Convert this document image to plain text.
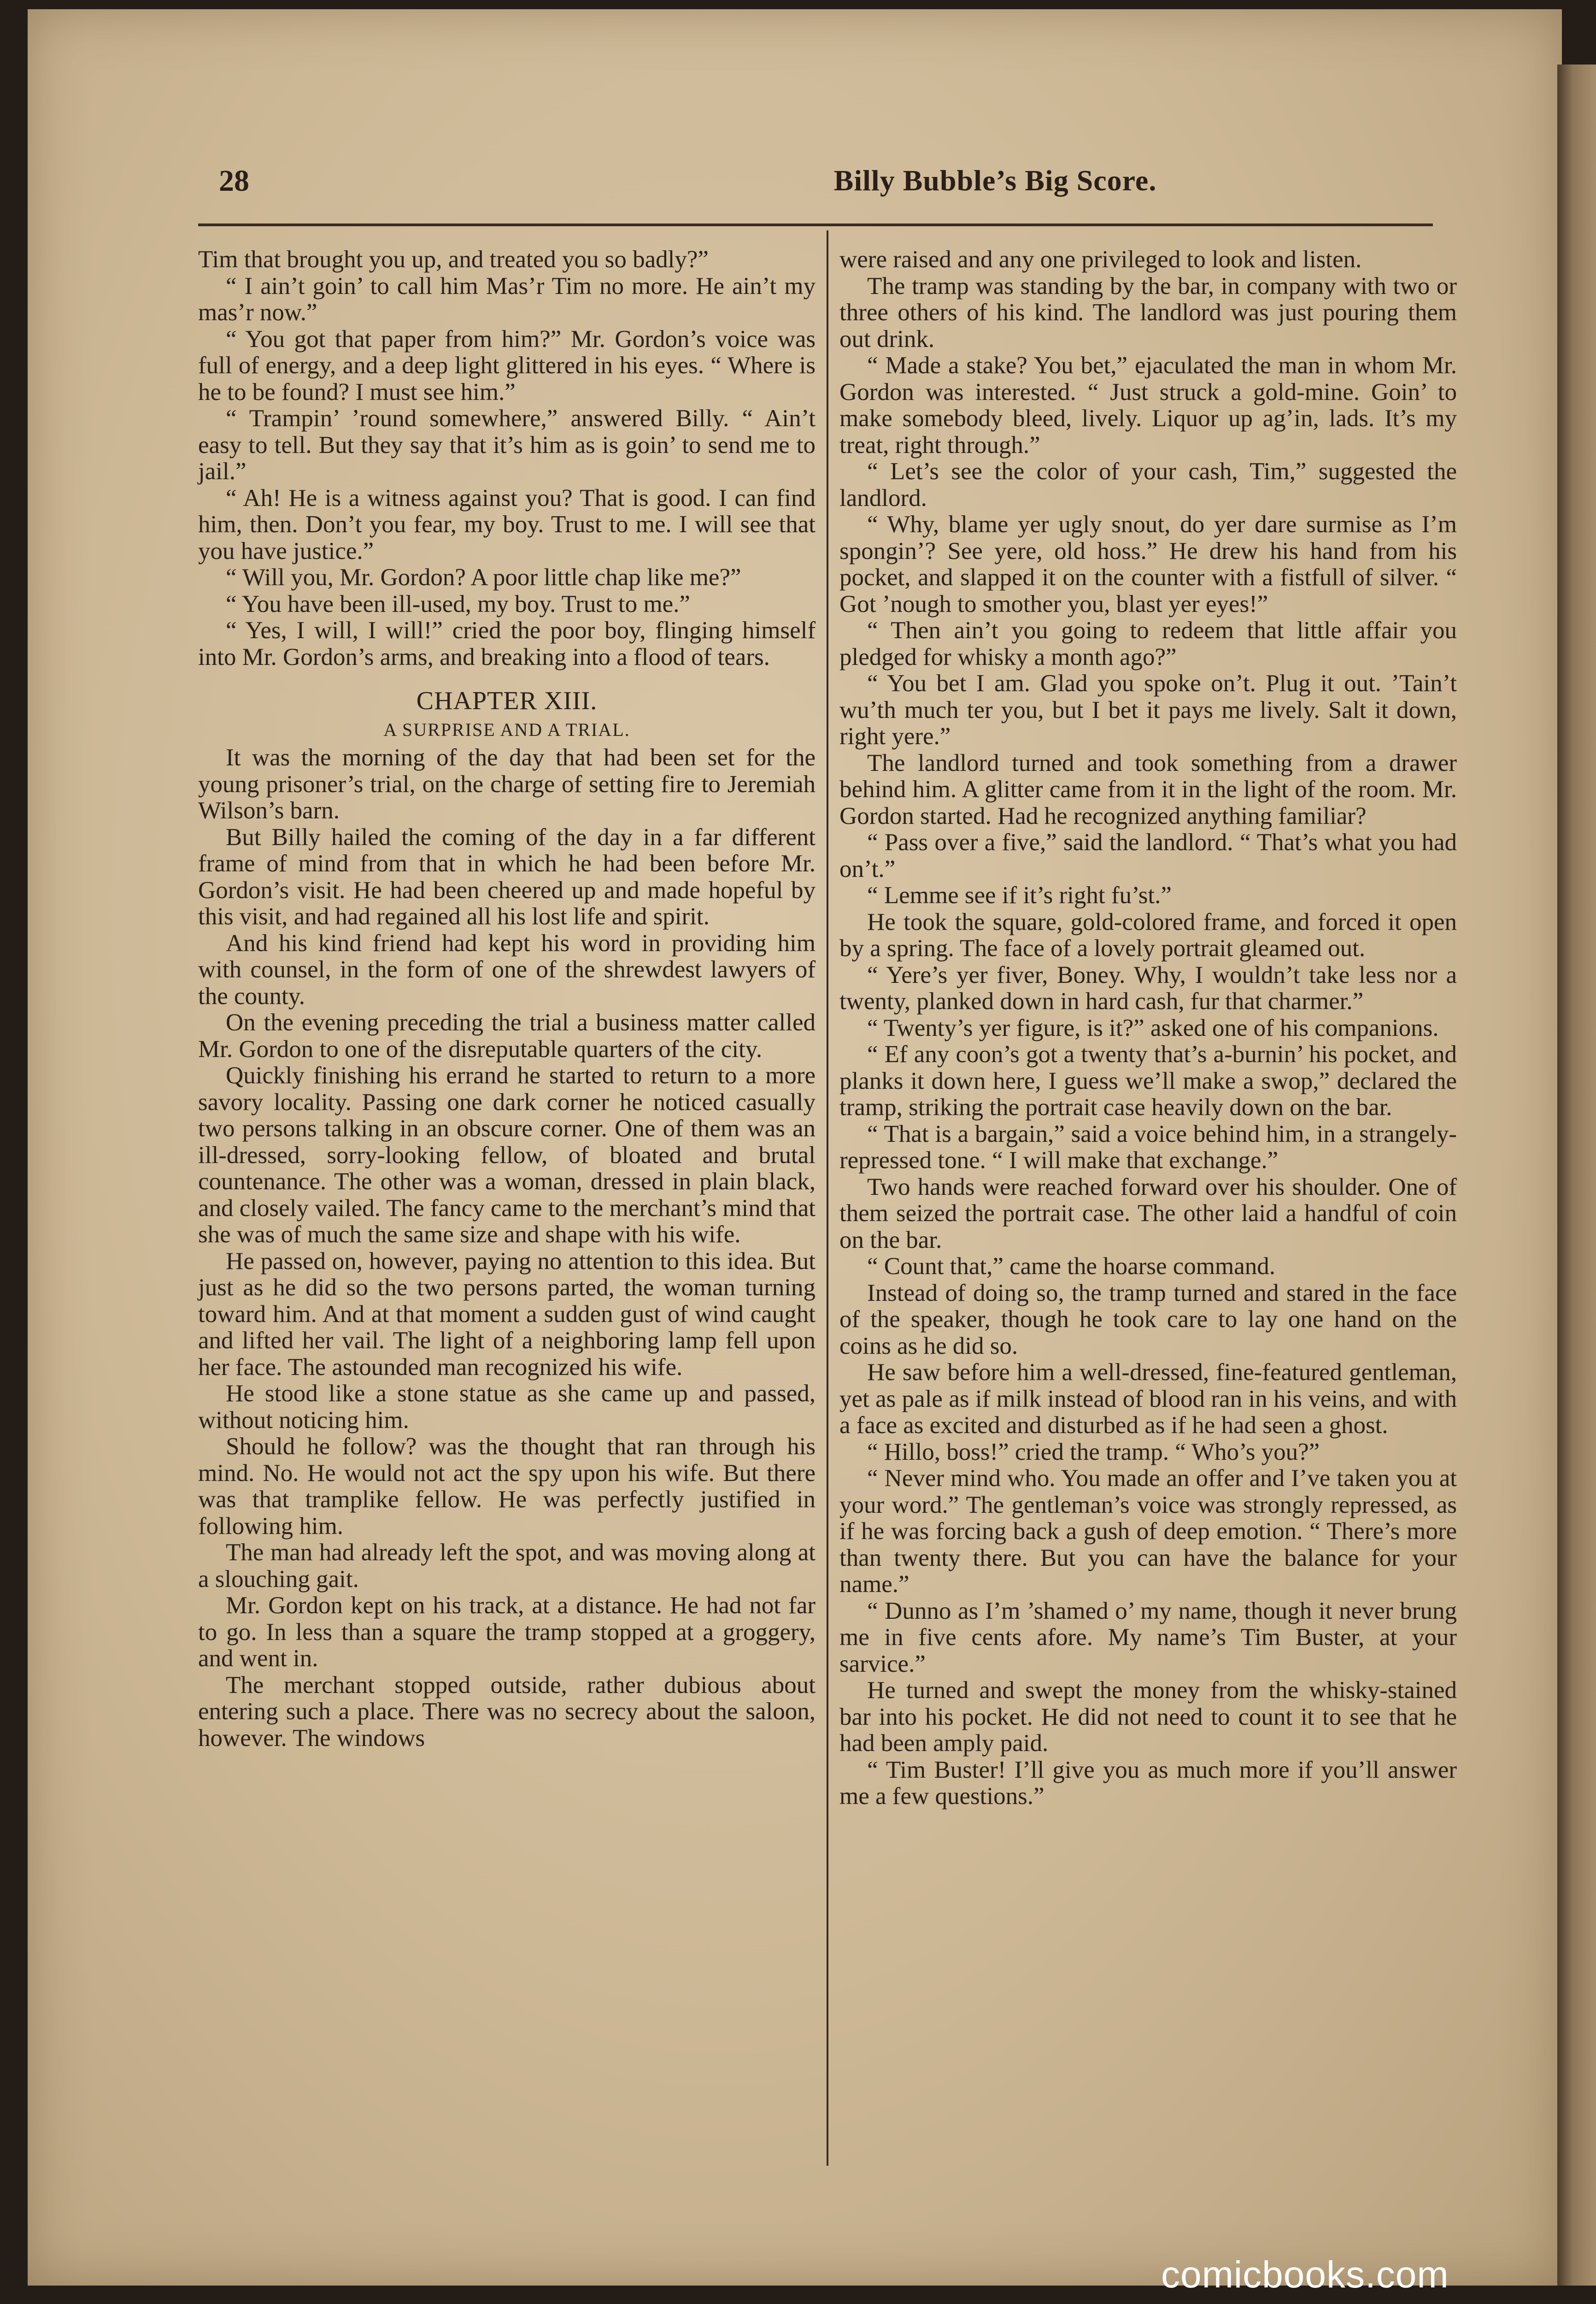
28	Billy Bubble’s Big Score.

Tim that brought you up, and treated you so badly?”

“ I ain’t goin’ to call him Mas’r Tim no more. He ain’t my mas’r now.”

“ You got that paper from him?” Mr. Gordon’s voice was full of energy, and a deep light glittered in his eyes. “ Where is he to be found? I must see him.”

“ Trampin’ ’round somewhere,” answered Billy. “ Ain’t easy to tell. But they say that it’s him as is goin’ to send me to jail.”

“ Ah! He is a witness against you? That is good. I can find him, then. Don’t you fear, my boy. Trust to me. I will see that you have justice.”

“ Will you, Mr. Gordon? A poor little chap like me?”

“ You have been ill-used, my boy. Trust to me.”

“ Yes, I will, I will!” cried the poor boy, flinging himself into Mr. Gordon’s arms, and breaking into a flood of tears.

CHAPTER XIII.

A SURPRISE AND A TRIAL.

It was the morning of the day that had been set for the young prisoner’s trial, on the charge of setting fire to Jeremiah Wilson’s barn.

But Billy hailed the coming of the day in a far different frame of mind from that in which he had been before Mr. Gordon’s visit. He had been cheered up and made hopeful by this visit, and had regained all his lost life and spirit.

And his kind friend had kept his word in providing him with counsel, in the form of one of the shrewdest lawyers of the county.

On the evening preceding the trial a business matter called Mr. Gordon to one of the disreputable quarters of the city.

Quickly finishing his errand he started to return to a more savory locality. Passing one dark corner he noticed casually two persons talking in an obscure corner. One of them was an ill-dressed, sorry-looking fellow, of bloated and brutal countenance. The other was a woman, dressed in plain black, and closely vailed. The fancy came to the merchant’s mind that she was of much the same size and shape with his wife.

He passed on, however, paying no attention to this idea. But just as he did so the two persons parted, the woman turning toward him. And at that moment a sudden gust of wind caught and lifted her vail. The light of a neighboring lamp fell upon her face. The astounded man recognized his wife.

He stood like a stone statue as she came up and passed, without noticing him.

Should he follow? was the thought that ran through his mind. No. He would not act the spy upon his wife. But there was that tramplike fellow. He was perfectly justified in following him.

The man had already left the spot, and was moving along at a slouching gait.

Mr. Gordon kept on his track, at a distance. He had not far to go. In less than a square the tramp stopped at a groggery, and went in.

The merchant stopped outside, rather dubious about entering such a place. There was no secrecy about the saloon, however. The windows

were raised and any one privileged to look and listen.

The tramp was standing by the bar, in company with two or three others of his kind. The landlord was just pouring them out drink.

“ Made a stake? You bet,” ejaculated the man in whom Mr. Gordon was interested. “ Just struck a gold-mine. Goin’ to make somebody bleed, lively. Liquor up ag’in, lads. It’s my treat, right through.”

“ Let’s see the color of your cash, Tim,” suggested the landlord.

“ Why, blame yer ugly snout, do yer dare surmise as I’m spongin’? See yere, old hoss.” He drew his hand from his pocket, and slapped it on the counter with a fistfull of silver. “ Got ’nough to smother you, blast yer eyes!”

“ Then ain’t you going to redeem that little affair you pledged for whisky a month ago?”

“ You bet I am. Glad you spoke on’t. Plug it out. ’Tain’t wu’th much ter you, but I bet it pays me lively. Salt it down, right yere.”

The landlord turned and took something from a drawer behind him. A glitter came from it in the light of the room. Mr. Gordon started. Had he recognized anything familiar?

“ Pass over a five,” said the landlord. “ That’s what you had on’t.”

“ Lemme see if it’s right fu’st.”

He took the square, gold-colored frame, and forced it open by a spring. The face of a lovely portrait gleamed out.

“ Yere’s yer fiver, Boney. Why, I wouldn’t take less nor a twenty, planked down in hard cash, fur that charmer.”

“ Twenty’s yer figure, is it?” asked one of his companions.

“ Ef any coon’s got a twenty that’s a-burnin’ his pocket, and planks it down here, I guess we’ll make a swop,” declared the tramp, striking the portrait case heavily down on the bar.

“ That is a bargain,” said a voice behind him, in a strangely-repressed tone. “ I will make that exchange.”

Two hands were reached forward over his shoulder. One of them seized the portrait case. The other laid a handful of coin on the bar.

“ Count that,” came the hoarse command.

Instead of doing so, the tramp turned and stared in the face of the speaker, though he took care to lay one hand on the coins as he did so.

He saw before him a well-dressed, fine-featured gentleman, yet as pale as if milk instead of blood ran in his veins, and with a face as excited and disturbed as if he had seen a ghost.

“ Hillo, boss!” cried the tramp. “ Who’s you?”

“ Never mind who. You made an offer and I’ve taken you at your word.” The gentleman’s voice was strongly repressed, as if he was forcing back a gush of deep emotion. “ There’s more than twenty there. But you can have the balance for your name.”

“ Dunno as I’m ’shamed o’ my name, though it never brung me in five cents afore. My name’s Tim Buster, at your sarvice.”

He turned and swept the money from the whisky-stained bar into his pocket. He did not need to count it to see that he had been amply paid.

“ Tim Buster! I’ll give you as much more if you’ll answer me a few questions.”

comicbooks.com
